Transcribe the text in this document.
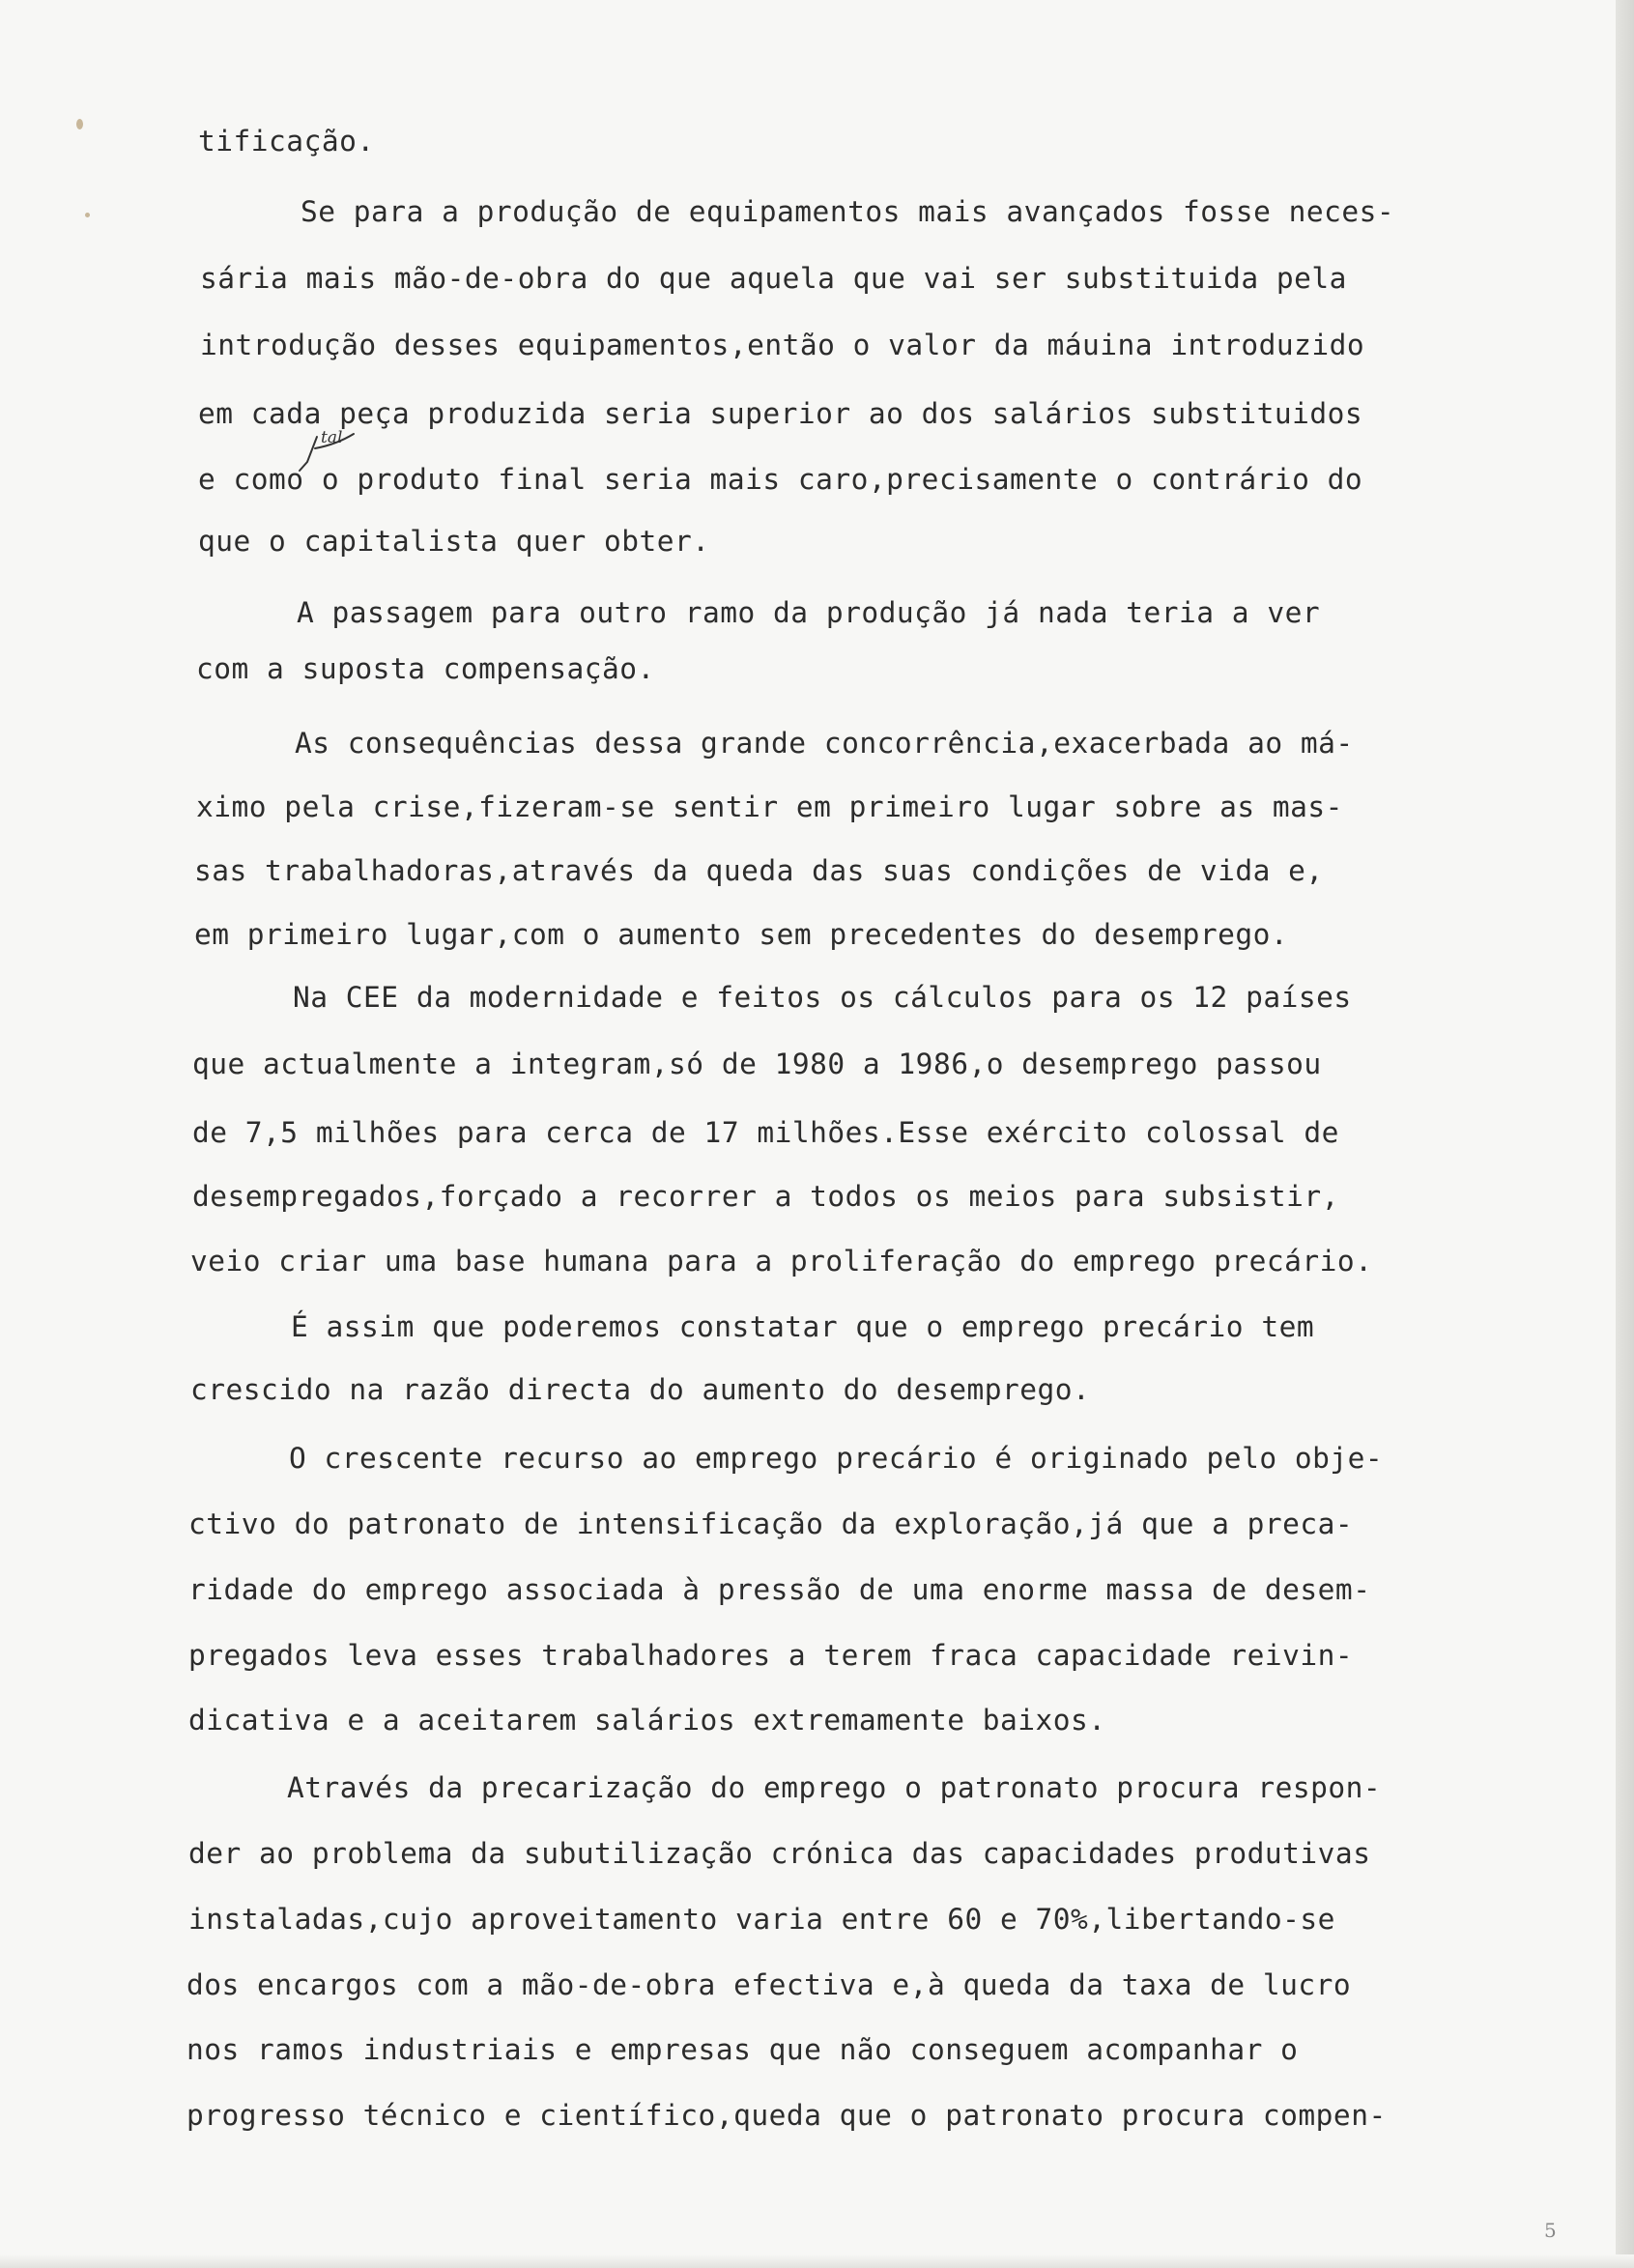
tificação.
Se para a produção de equipamentos mais avançados fosse neces-
sária mais mão-de-obra do que aquela que vai ser substituida pela
introdução desses equipamentos,então o valor da máuina introduzido
em cada peça produzida seria superior ao dos salários substituidos
e como o produto final seria mais caro,precisamente o contrário do
que o capitalista quer obter.
A passagem para outro ramo da produção já nada teria a ver
com a suposta compensação.
As consequências dessa grande concorrência,exacerbada ao má-
ximo pela crise,fizeram-se sentir em primeiro lugar sobre as mas-
sas trabalhadoras,através da queda das suas condições de vida e,
em primeiro lugar,com o aumento sem precedentes do desemprego.
Na CEE da modernidade e feitos os cálculos para os 12 países
que actualmente a integram,só de 1980 a 1986,o desemprego passou
de 7,5 milhões para cerca de 17 milhões.Esse exército colossal de
desempregados,forçado a recorrer a todos os meios para subsistir,
veio criar uma base humana para a proliferação do emprego precário.
É assim que poderemos constatar que o emprego precário tem
crescido na razão directa do aumento do desemprego.
O crescente recurso ao emprego precário é originado pelo obje-
ctivo do patronato de intensificação da exploração,já que a preca-
ridade do emprego associada à pressão de uma enorme massa de desem-
pregados leva esses trabalhadores a terem fraca capacidade reivin-
dicativa e a aceitarem salários extremamente baixos.
Através da precarização do emprego o patronato procura respon-
der ao problema da subutilização crónica das capacidades produtivas
instaladas,cujo aproveitamento varia entre 60 e 70%,libertando-se
dos encargos com a mão-de-obra efectiva e,à queda da taxa de lucro
nos ramos industriais e empresas que não conseguem acompanhar o
progresso técnico e científico,queda que o patronato procura compen-
tal
5
